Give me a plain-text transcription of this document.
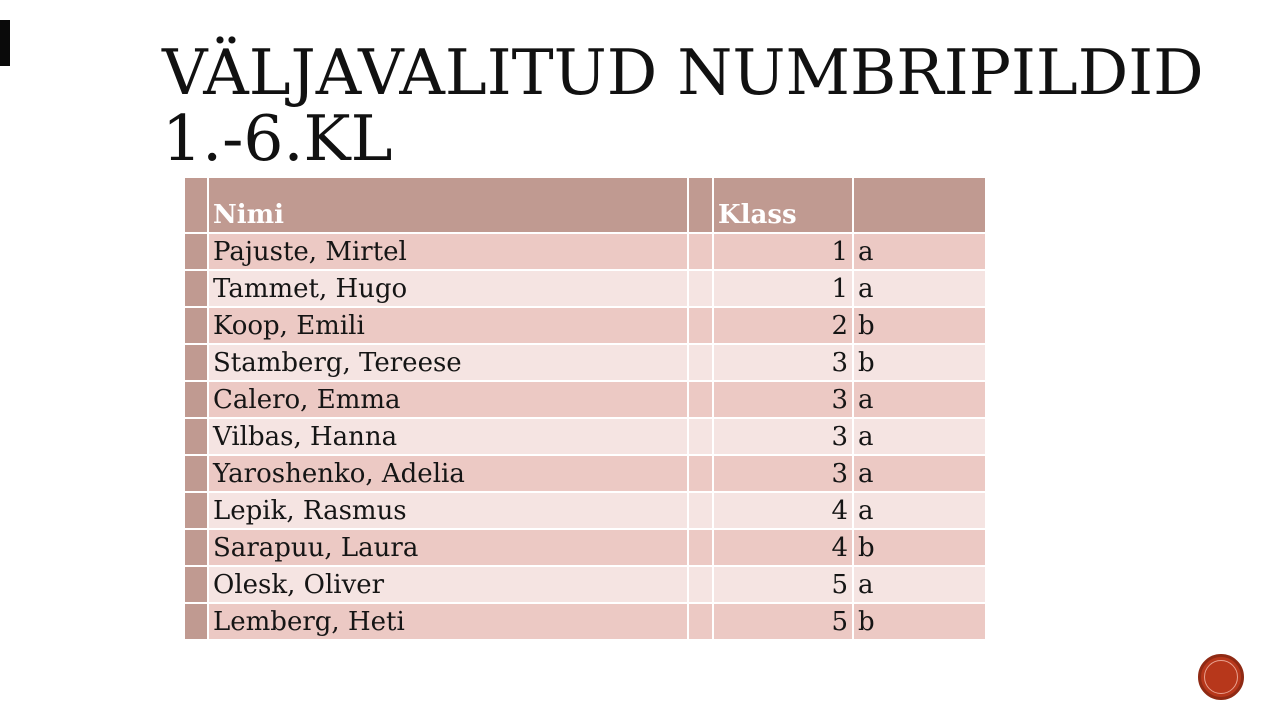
VÄLJAVALITUD NUMBRIPILDID
1.-6.KL
	Nimi		Klass	
	Pajuste, Mirtel		1	a
	Tammet, Hugo		1	a
	Koop, Emili		2	b
	Stamberg, Tereese		3	b
	Calero, Emma		3	a
	Vilbas, Hanna		3	a
	Yaroshenko, Adelia		3	a
	Lepik, Rasmus		4	a
	Sarapuu, Laura		4	b
	Olesk, Oliver		5	a
	Lemberg, Heti		5	b
